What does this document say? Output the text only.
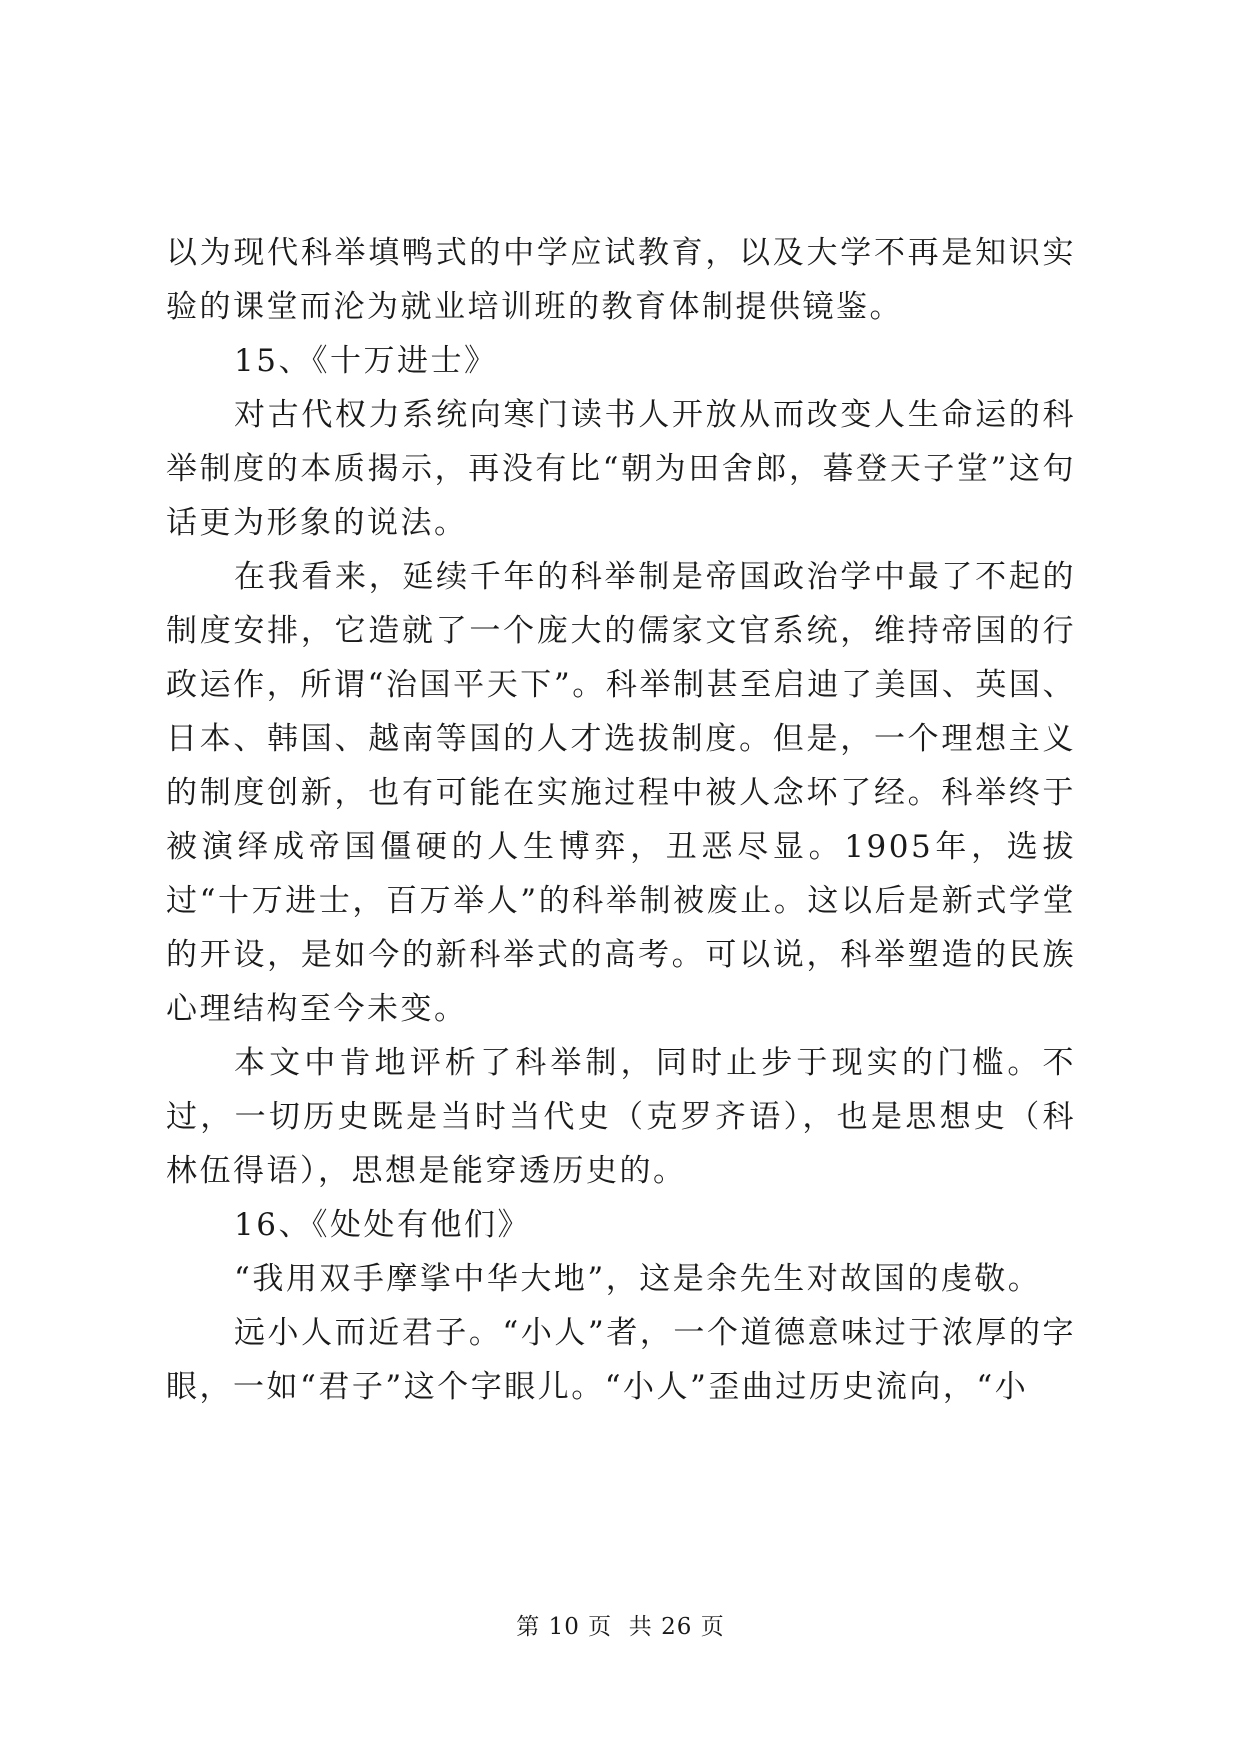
以为现代科举填鸭式的中学应试教育，以及大学不再是知识实验的课堂而沦为就业培训班的教育体制提供镜鉴。

15、《十万进士》

对古代权力系统向寒门读书人开放从而改变人生命运的科举制度的本质揭示，再没有比“朝为田舍郎，暮登天子堂”这句话更为形象的说法。

在我看来，延续千年的科举制是帝国政治学中最了不起的制度安排，它造就了一个庞大的儒家文官系统，维持帝国的行政运作，所谓“治国平天下”。科举制甚至启迪了美国、英国、日本、韩国、越南等国的人才选拔制度。但是，一个理想主义的制度创新，也有可能在实施过程中被人念坏了经。科举终于被演绎成帝国僵硬的人生博弈，丑恶尽显。1905年，选拔过“十万进士，百万举人”的科举制被废止。这以后是新式学堂的开设，是如今的新科举式的高考。可以说，科举塑造的民族心理结构至今未变。

本文中肯地评析了科举制，同时止步于现实的门槛。不过，一切历史既是当时当代史（克罗齐语），也是思想史（科林伍得语），思想是能穿透历史的。

16、《处处有他们》

“我用双手摩挲中华大地”，这是余先生对故国的虔敬。

远小人而近君子。“小人”者，一个道德意味过于浓厚的字眼，一如“君子”这个字眼儿。“小人”歪曲过历史流向，“小

第 10 页  共 26 页
